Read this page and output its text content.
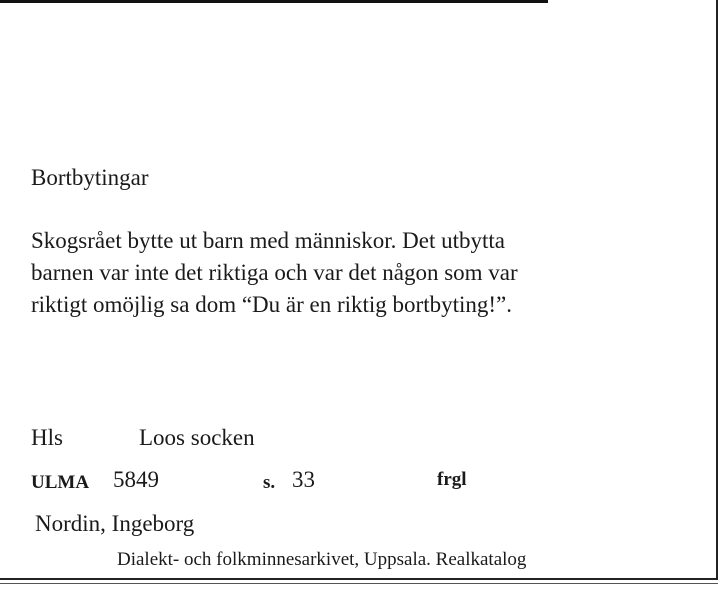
Bortbytingar

Skogsrået bytte ut barn med människor. Det utbytta
barnen var inte det riktiga och var det någon som var
riktigt omöjlig sa dom “Du är en riktig bortbyting!”.

Hls	Loos socken
ULMA 5849	s. 33	frgl
Nordin, Ingeborg
Dialekt- och folkminnesarkivet, Uppsala. Realkatalog
